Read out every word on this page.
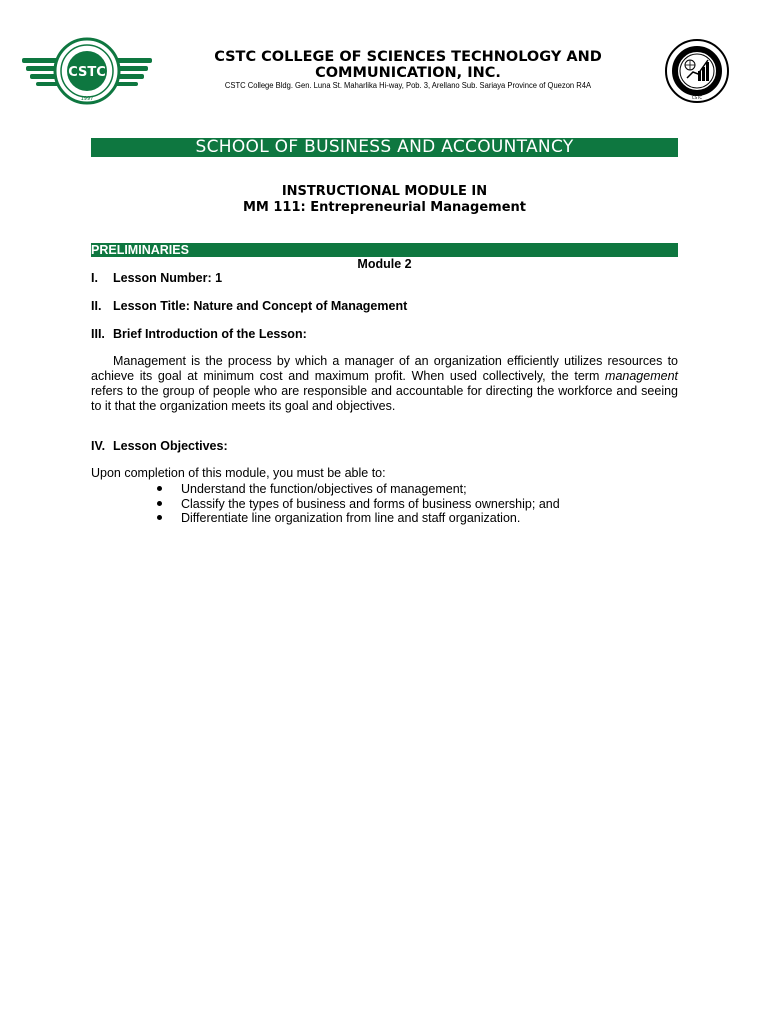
CSTC
1997
CSTC COLLEGE OF SCIENCES TECHNOLOGY AND
COMMUNICATION, INC.
CSTC College Bldg. Gen. Luna St. Maharlika Hi-way, Pob. 3, Arellano Sub. Sariaya Province of Quezon R4A
CSTC
SCHOOL OF BUSINESS AND ACCOUNTANCY
INSTRUCTIONAL MODULE IN
MM 111: Entrepreneurial Management
PRELIMINARIES
Module 2
I. Lesson Number: 1
II. Lesson Title: Nature and Concept of Management
III. Brief Introduction of the Lesson:
Management is the process by which a manager of an organization efficiently utilizes resources to achieve its goal at minimum cost and maximum profit. When used collectively, the term management refers to the group of people who are responsible and accountable for directing the workforce and seeing to it that the organization meets its goal and objectives.
IV. Lesson Objectives:
Upon completion of this module, you must be able to:
Understand the function/objectives of management;
Classify the types of business and forms of business ownership; and
Differentiate line organization from line and staff organization.
